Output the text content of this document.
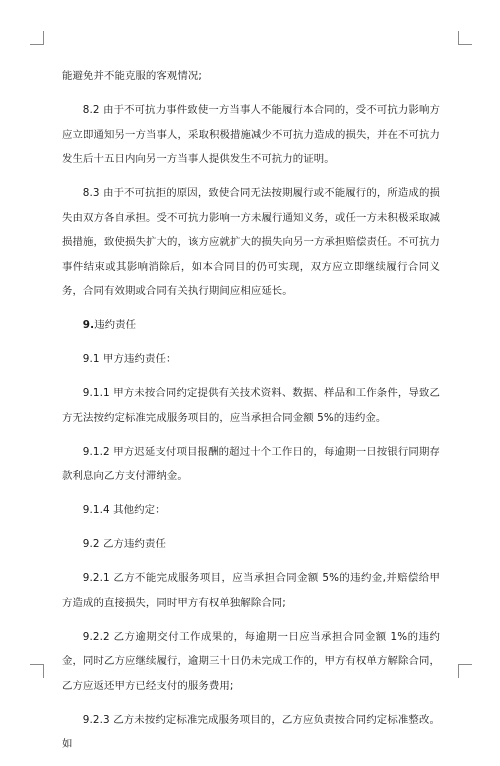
能避免并不能克服的客观情况;

8.2 由于不可抗力事件致使一方当事人不能履行本合同的，受不可抗力影响方应立即通知另一方当事人，采取积极措施减少不可抗力造成的损失，并在不可抗力发生后十五日内向另一方当事人提供发生不可抗力的证明。

8.3 由于不可抗拒的原因，致使合同无法按期履行或不能履行的，所造成的损失由双方各自承担。受不可抗力影响一方未履行通知义务，或任一方未积极采取减损措施，致使损失扩大的，该方应就扩大的损失向另一方承担赔偿责任。不可抗力事件结束或其影响消除后，如本合同目的仍可实现，双方应立即继续履行合同义务，合同有效期或合同有关执行期间应相应延长。

9.违约责任

9.1 甲方违约责任：

9.1.1 甲方未按合同约定提供有关技术资料、数据、样品和工作条件，导致乙方无法按约定标准完成服务项目的，应当承担合同金额 5%的违约金。

9.1.2 甲方迟延支付项目报酬的超过十个工作日的，每逾期一日按银行同期存款利息向乙方支付滞纳金。

9.1.4 其他约定：

9.2 乙方违约责任

9.2.1 乙方不能完成服务项目，应当承担合同金额 5%的违约金,并赔偿给甲方造成的直接损失，同时甲方有权单独解除合同;

9.2.2 乙方逾期交付工作成果的，每逾期一日应当承担合同金额 1%的违约金，同时乙方应继续履行，逾期三十日仍未完成工作的，甲方有权单方解除合同，乙方应返还甲方已经支付的服务费用;

9.2.3 乙方未按约定标准完成服务项目的，乙方应负责按合同约定标准整改。如
